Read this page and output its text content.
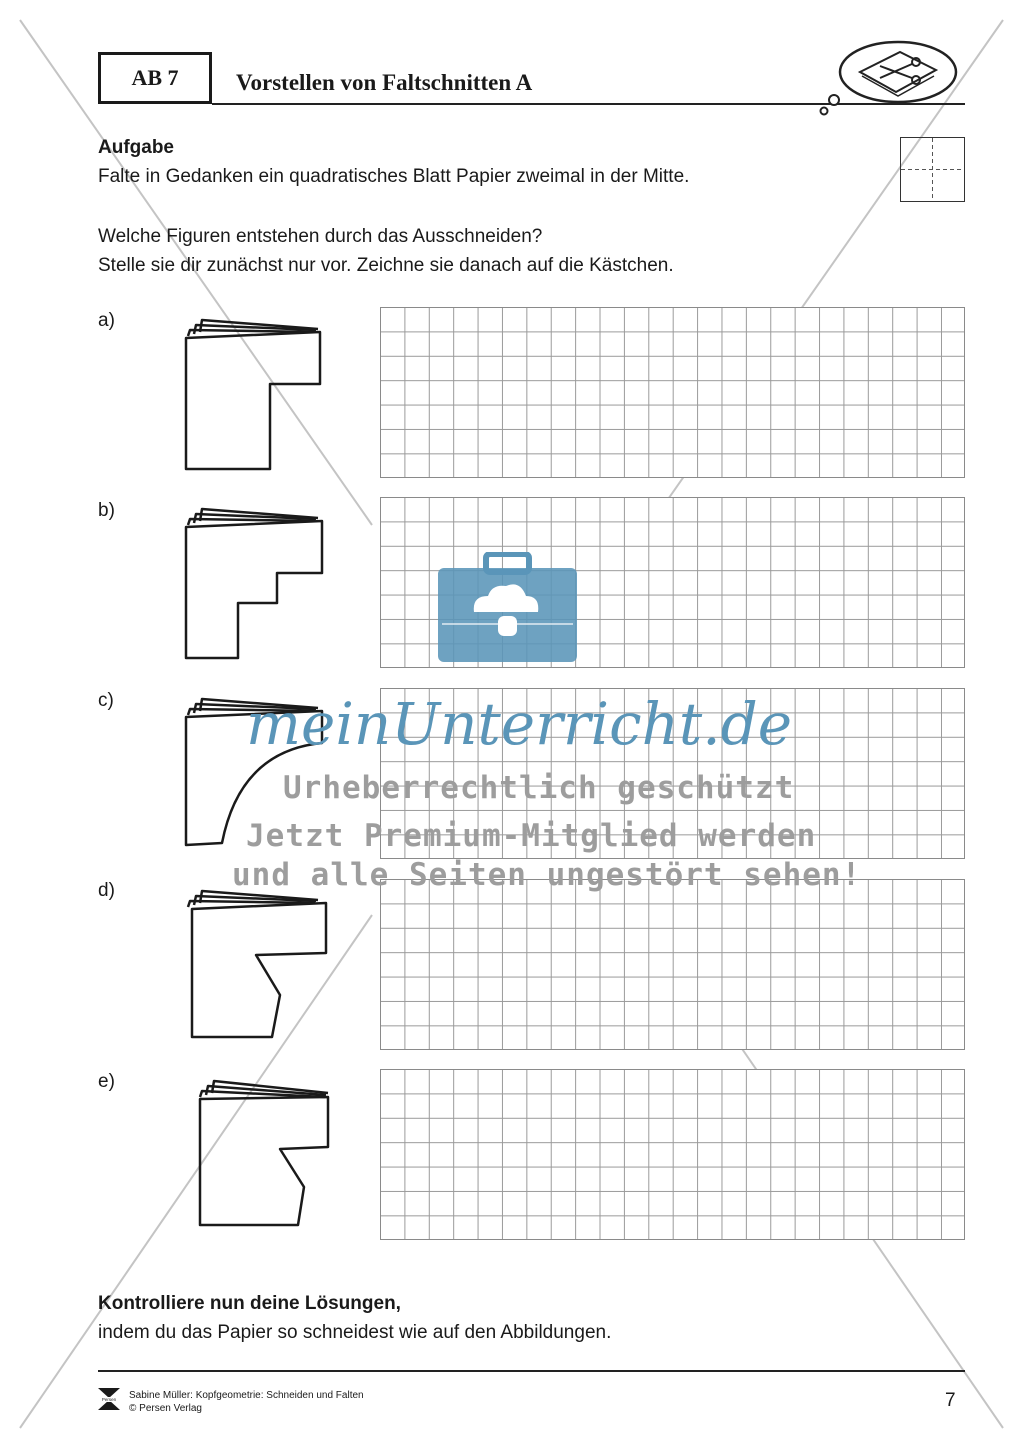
AB 7 Vorstellen von Faltschnitten A
Aufgabe
Falte in Gedanken ein quadratisches Blatt Papier zweimal in der Mitte.
Welche Figuren entstehen durch das Ausschneiden?
Stelle sie dir zunächst nur vor. Zeichne sie danach auf die Kästchen.
a)
b)
c)
d)
e)
meinUnterricht.de
Urheberrechtlich geschützt
Jetzt Premium-Mitglied werden
und alle Seiten ungestört sehen!
Kontrolliere nun deine Lösungen,
indem du das Papier so schneidest wie auf den Abbildungen.
Persen Sabine Müller: Kopfgeometrie: Schneiden und Falten
© Persen Verlag	7
